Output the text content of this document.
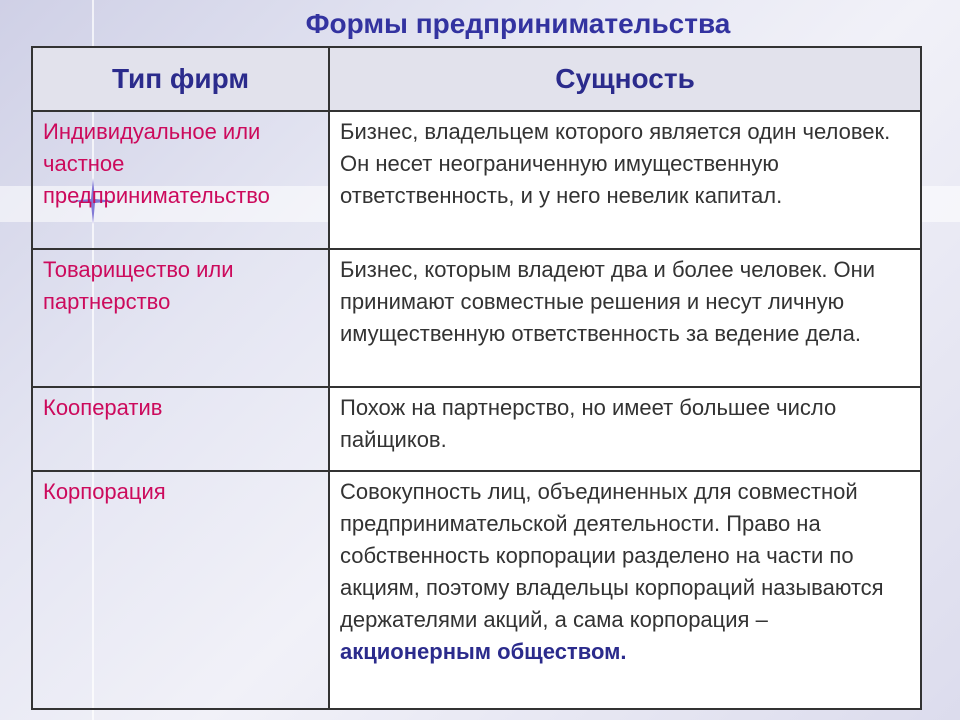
Формы предпринимательства
Тип фирм	Сущность
Индивидуальное или частное предпринимательство	Бизнес, владельцем которого является один человек. Он несет неограниченную имущественную ответственность, и у него невелик капитал.
Товарищество или партнерство	Бизнес, которым владеют два и более человек. Они принимают совместные решения и несут личную имущественную ответственность за ведение дела.
Кооператив	Похож на партнерство, но имеет большее число пайщиков.
Корпорация	Совокупность лиц, объединенных для совместной предпринимательской деятельности. Право на собственность корпорации разделено на части по акциям, поэтому владельцы корпораций называются держателями акций, а сама корпорация – акционерным обществом.
